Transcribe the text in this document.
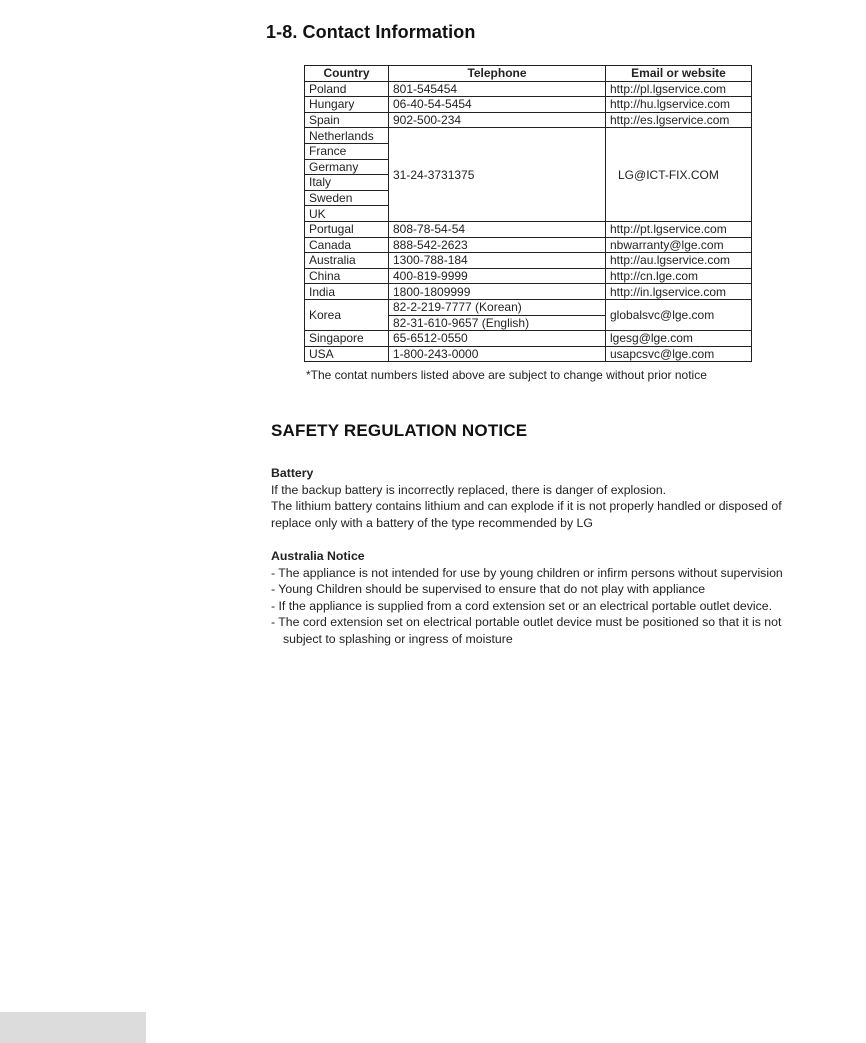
1-8. Contact Information
Country	Telephone	Email or website
Poland	801-545454	http://pl.lgservice.com
Hungary	06-40-54-5454	http://hu.lgservice.com
Spain	902-500-234	http://es.lgservice.com
Netherlands	31-24-3731375	LG@ICT-FIX.COM
France		
Germany		
Italy		
Sweden		
UK		
Portugal	808-78-54-54	http://pt.lgservice.com
Canada	888-542-2623	nbwarranty@lge.com
Australia	1300-788-184	http://au.lgservice.com
China	400-819-9999	http://cn.lge.com
India	1800-1809999	http://in.lgservice.com
Korea	82-2-219-7777 (Korean)	globalsvc@lge.com
	82-31-610-9657 (English)	
Singapore	65-6512-0550	lgesg@lge.com
USA	1-800-243-0000	usapcsvc@lge.com
*The contat numbers listed above are subject to change without prior notice
SAFETY REGULATION NOTICE

Battery

If the backup battery is incorrectly replaced, there is danger of explosion.

The lithium battery contains lithium and can explode if it is not properly handled or disposed of replace only with a battery of the type recommended by LG

Australia Notice

- The appliance is not intended for use by young children or infirm persons without supervision

- Young Children should be supervised to ensure that do not play with appliance

- If the appliance is supplied from a cord extension set or an electrical portable outlet device.

- The cord extension set on electrical portable outlet device must be positioned so that it is not

subject to splashing or ingress of moisture
